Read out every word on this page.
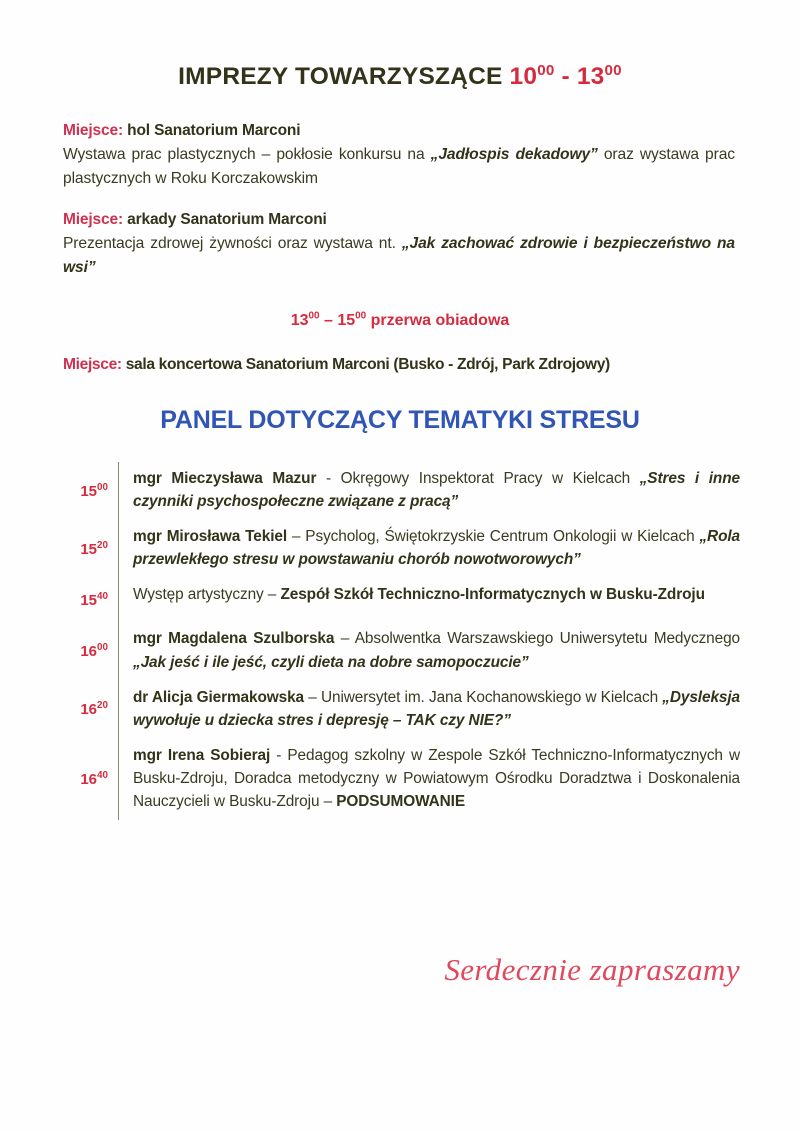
IMPREZY TOWARZYSZĄCE $10^{00} - 13^{00}$
Miejsce: hol Sanatorium Marconi
Wystawa prac plastycznych – pokłosie konkursu na „Jadłospis dekadowy” oraz wystawa prac plastycznych w Roku Korczakowskim
Miejsce: arkady Sanatorium Marconi
Prezentacja zdrowej żywności oraz wystawa nt. „Jak zachować zdrowie i bezpieczeństwo na wsi”
$13^{00} - 15^{00}$ przerwa obiadowa
Miejsce: sala koncertowa Sanatorium Marconi (Busko - Zdrój, Park Zdrojowy)
PANEL DOTYCZĄCY TEMATYKI STRESU
$15^{00}$
mgr Mieczysława Mazur - Okręgowy Inspektorat Pracy w Kielcach „Stres i inne czynniki psychospołeczne związane z pracą”
$15^{20}$
mgr Mirosława Tekiel – Psycholog, Świętokrzyskie Centrum Onkologii w Kielcach „Rola przewlekłego stresu w powstawaniu chorób nowotworowych”
$15^{40}$	Występ artystyczny – Zespół Szkół Techniczno-Informatycznych w Busku-Zdroju
$16^{00}$
mgr Magdalena Szulborska – Absolwentka Warszawskiego Uniwersytetu Medycznego „Jak jeść i ile jeść, czyli dieta na dobre samopoczucie”
$16^{20}$
dr Alicja Giermakowska – Uniwersytet im. Jana Kochanowskiego w Kielcach „Dysleksja wywołuje u dziecka stres i depresję – TAK czy NIE?”
$16^{40}$
mgr Irena Sobieraj - Pedagog szkolny w Zespole Szkół Techniczno-Informatycznych w Busku-Zdroju, Doradca metodyczny w Powiatowym Ośrodku Doradztwa i Doskonalenia Nauczycieli w Busku-Zdroju – PODSUMOWANIE
Serdecznie zapraszamy
